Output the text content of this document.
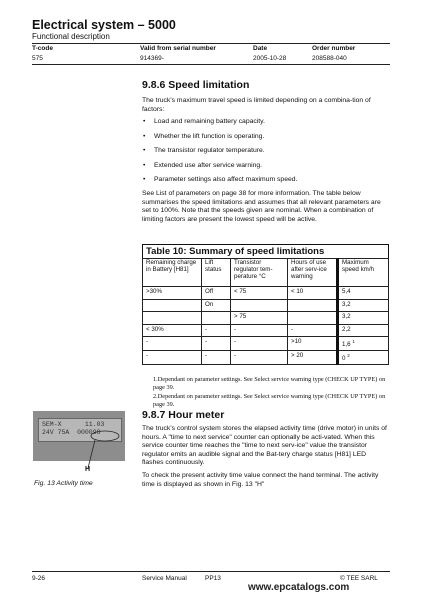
Electrical system – 5000
Functional description
T-code	Valid from serial number	Date	Order number
575	914369-	2005-10-28	208588-040
9.8.6 Speed limitation
The truck's maximum travel speed is limited depending on a combina-tion of factors:
• Load and remaining battery capacity.
• Whether the lift function is operating.
• The transistor regulator temperature.
• Extended use after service warning.
• Parameter settings also affect maximum speed.
See List of parameters on page 38 for more information. The table below summarises the speed limitations and assumes that all relevant parameters are set to 100%. Note that the speeds given are nominal. When a combination of limiting factors are present the lowest speed will be active.
Table 10: Summary of speed limitations
Remaining charge in Battery [H81]	Lift status	Transistor regulator tem-perature °C	Hours of use after serv-ice warning	Maximum speed km/h
>30%	Off	< 75	< 10	5,4
	On			3,2
		> 75		3,2
< 30%	-	-	-	2,2
-	-	-	>10	1,6 $^1$
-	-	-	> 20	0 $^2$
1.Dependant on parameter settings. See Select service warning type (CHECK UP TYPE) on page 39.
2.Dependant on parameter settings. See Select service warning type (CHECK UP TYPE) on page 39.
9.8.7 Hour meter
The truck's control system stores the elapsed activity time (drive motor) in units of hours. A "time to next service" counter can optionally be acti-vated. When this service counter time reaches the "time to next serv-ice" value the transistor regulator emits an audible signal and the Bat-tery charge status [H81] LED flashes continuously.
To check the present activity time value connect the hand terminal. The activity time is displayed as shown in Fig. 13 "H"
SEM-X      11.03
24V 75A  000098
H
Fig. 13 Activity time
9-26	Service Manual	PP13	© TEE SARL
www.epcatalogs.com
